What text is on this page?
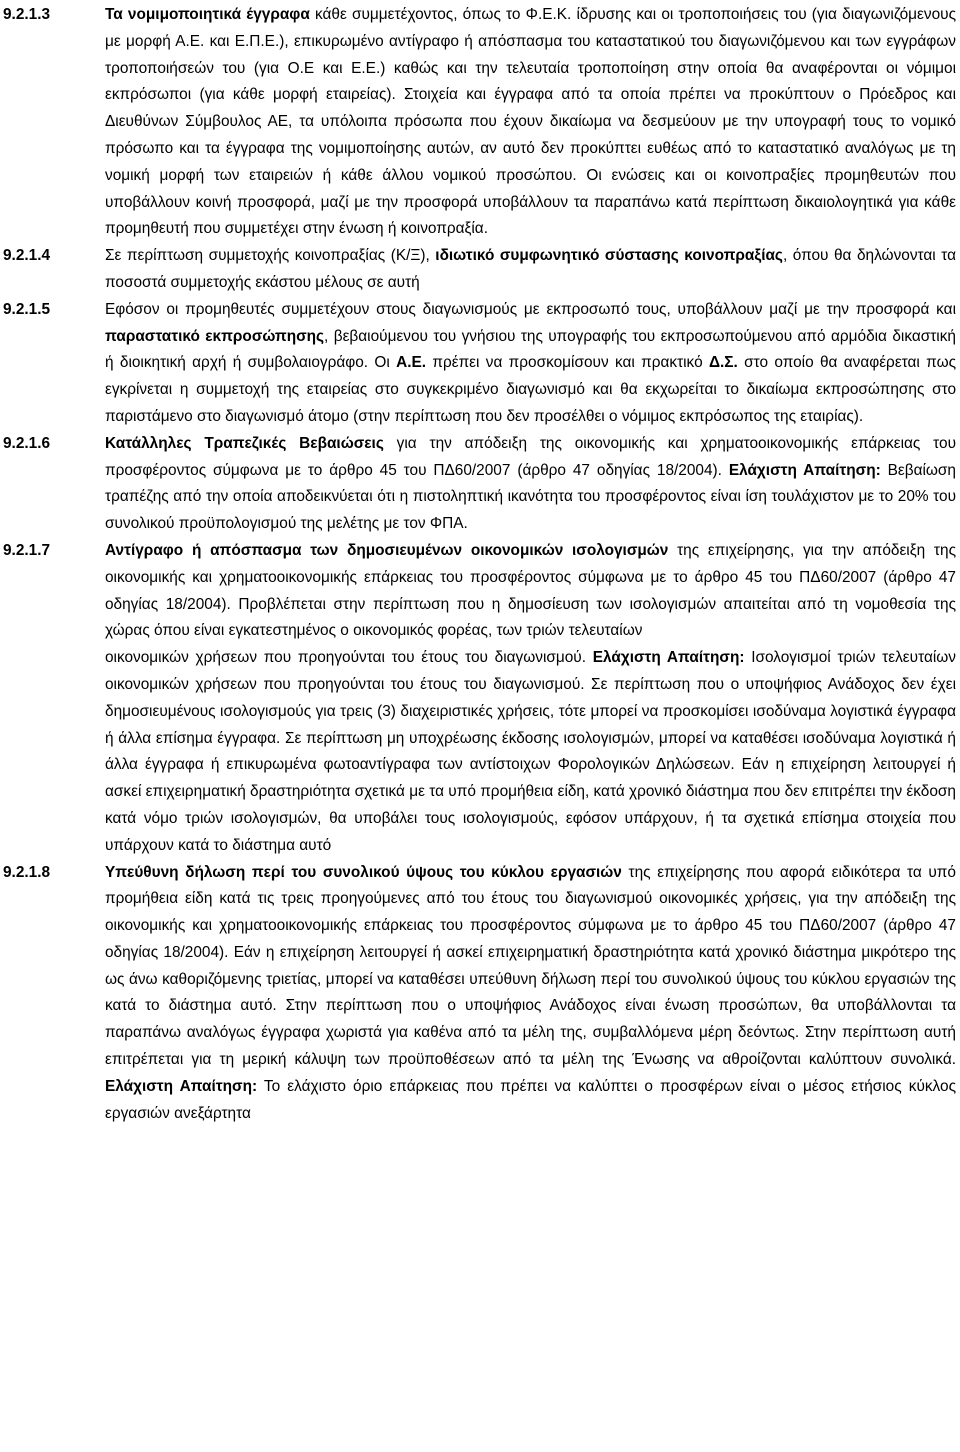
9.2.1.3	Τα νομιμοποιητικά έγγραφα κάθε συμμετέχοντος, όπως το Φ.Ε.Κ. ίδρυσης και οι τροποποιήσεις του (για διαγωνιζόμενους με μορφή Α.Ε. και Ε.Π.Ε.), επικυρωμένο αντίγραφο ή απόσπασμα του καταστατικού του διαγωνιζόμενου και των εγγράφων τροποποιήσεών του (για Ο.Ε και Ε.Ε.) καθώς και την τελευταία τροποποίηση στην οποία θα αναφέρονται οι νόμιμοι εκπρόσωποι (για κάθε μορφή εταιρείας). Στοιχεία και έγγραφα από τα οποία πρέπει να προκύπτουν ο Πρόεδρος και Διευθύνων Σύμβουλος ΑΕ, τα υπόλοιπα πρόσωπα που έχουν δικαίωμα να δεσμεύουν με την υπογραφή τους το νομικό πρόσωπο και τα έγγραφα της νομιμοποίησης αυτών, αν αυτό δεν προκύπτει ευθέως από το καταστατικό αναλόγως με τη νομική μορφή των εταιρειών ή κάθε άλλου νομικού προσώπου. Οι ενώσεις και οι κοινοπραξίες προμηθευτών που υποβάλλουν κοινή προσφορά, μαζί με την προσφορά υποβάλλουν τα παραπάνω κατά περίπτωση δικαιολογητικά για κάθε προμηθευτή που συμμετέχει στην ένωση ή κοινοπραξία.

9.2.1.4	Σε περίπτωση συμμετοχής κοινοπραξίας (Κ/Ξ), ιδιωτικό συμφωνητικό σύστασης κοινοπραξίας, όπου θα δηλώνονται τα ποσοστά συμμετοχής εκάστου μέλους σε αυτή

9.2.1.5	Εφόσον οι προμηθευτές συμμετέχουν στους διαγωνισμούς με εκπροσωπό τους, υποβάλλουν μαζί με την προσφορά και παραστατικό εκπροσώπησης, βεβαιούμενου του γνήσιου της υπογραφής του εκπροσωπούμενου από αρμόδια δικαστική ή διοικητική αρχή ή συμβολαιογράφο. Οι Α.Ε. πρέπει να προσκομίσουν και πρακτικό Δ.Σ. στο οποίο θα αναφέρεται πως εγκρίνεται η συμμετοχή της εταιρείας στο συγκεκριμένο διαγωνισμό και θα εκχωρείται το δικαίωμα εκπροσώπησης στο παριστάμενο στο διαγωνισμό άτομο (στην περίπτωση που δεν προσέλθει ο νόμιμος εκπρόσωπος της εταιρίας).

9.2.1.6	Κατάλληλες Τραπεζικές Βεβαιώσεις για την απόδειξη της οικονομικής και χρηματοοικονομικής επάρκειας του προσφέροντος σύμφωνα με το άρθρο 45 του ΠΔ60/2007 (άρθρο 47 οδηγίας 18/2004). Ελάχιστη Απαίτηση: Βεβαίωση τραπέζης από την οποία αποδεικνύεται ότι η πιστοληπτική ικανότητα του προσφέροντος είναι ίση τουλάχιστον με το 20% του συνολικού προϋπολογισμού της μελέτης με τον ΦΠΑ.

9.2.1.7	Αντίγραφο ή απόσπασμα των δημοσιευμένων οικονομικών ισολογισμών της επιχείρησης, για την απόδειξη της οικονομικής και χρηματοοικονομικής επάρκειας του προσφέροντος σύμφωνα με το άρθρο 45 του ΠΔ60/2007 (άρθρο 47 οδηγίας 18/2004). Προβλέπεται στην περίπτωση που η δημοσίευση των ισολογισμών απαιτείται από τη νομοθεσία της χώρας όπου είναι εγκατεστημένος ο οικονομικός φορέας, των τριών τελευταίων

οικονομικών χρήσεων που προηγούνται του έτους του διαγωνισμού. Ελάχιστη Απαίτηση: Ισολογισμοί τριών τελευταίων οικονομικών χρήσεων που προηγούνται του έτους του διαγωνισμού. Σε περίπτωση που ο υποψήφιος Ανάδοχος δεν έχει δημοσιευμένους ισολογισμούς για τρεις (3) διαχειριστικές χρήσεις, τότε μπορεί να προσκομίσει ισοδύναμα λογιστικά έγγραφα ή άλλα επίσημα έγγραφα. Σε περίπτωση μη υποχρέωσης έκδοσης ισολογισμών, μπορεί να καταθέσει ισοδύναμα λογιστικά ή άλλα έγγραφα ή επικυρωμένα φωτοαντίγραφα των αντίστοιχων Φορολογικών Δηλώσεων. Εάν η επιχείρηση λειτουργεί ή ασκεί επιχειρηματική δραστηριότητα σχετικά με τα υπό προμήθεια είδη, κατά χρονικό διάστημα που δεν επιτρέπει την έκδοση κατά νόμο τριών ισολογισμών, θα υποβάλει τους ισολογισμούς, εφόσον υπάρχουν, ή τα σχετικά επίσημα στοιχεία που υπάρχουν κατά το διάστημα αυτό

9.2.1.8	Υπεύθυνη δήλωση περί του συνολικού ύψους του κύκλου εργασιών της επιχείρησης που αφορά ειδικότερα τα υπό προμήθεια είδη κατά τις τρεις προηγούμενες από του έτους του διαγωνισμού οικονομικές χρήσεις, για την απόδειξη της οικονομικής και χρηματοοικονομικής επάρκειας του προσφέροντος σύμφωνα με το άρθρο 45 του ΠΔ60/2007 (άρθρο 47 οδηγίας 18/2004). Εάν η επιχείρηση λειτουργεί ή ασκεί επιχειρηματική δραστηριότητα κατά χρονικό διάστημα μικρότερο της ως άνω καθοριζόμενης τριετίας, μπορεί να καταθέσει υπεύθυνη δήλωση περί του συνολικού ύψους του κύκλου εργασιών της κατά το διάστημα αυτό. Στην περίπτωση που ο υποψήφιος Ανάδοχος είναι ένωση προσώπων, θα υποβάλλονται τα παραπάνω αναλόγως έγγραφα χωριστά για καθένα από τα μέλη της, συμβαλλόμενα μέρη δεόντως. Στην περίπτωση αυτή επιτρέπεται για τη μερική κάλυψη των προϋποθέσεων από τα μέλη της Ένωσης να αθροίζονται καλύπτουν συνολικά. Ελάχιστη Απαίτηση: Το ελάχιστο όριο επάρκειας που πρέπει να καλύπτει ο προσφέρων είναι ο μέσος ετήσιος κύκλος εργασιών ανεξάρτητα
